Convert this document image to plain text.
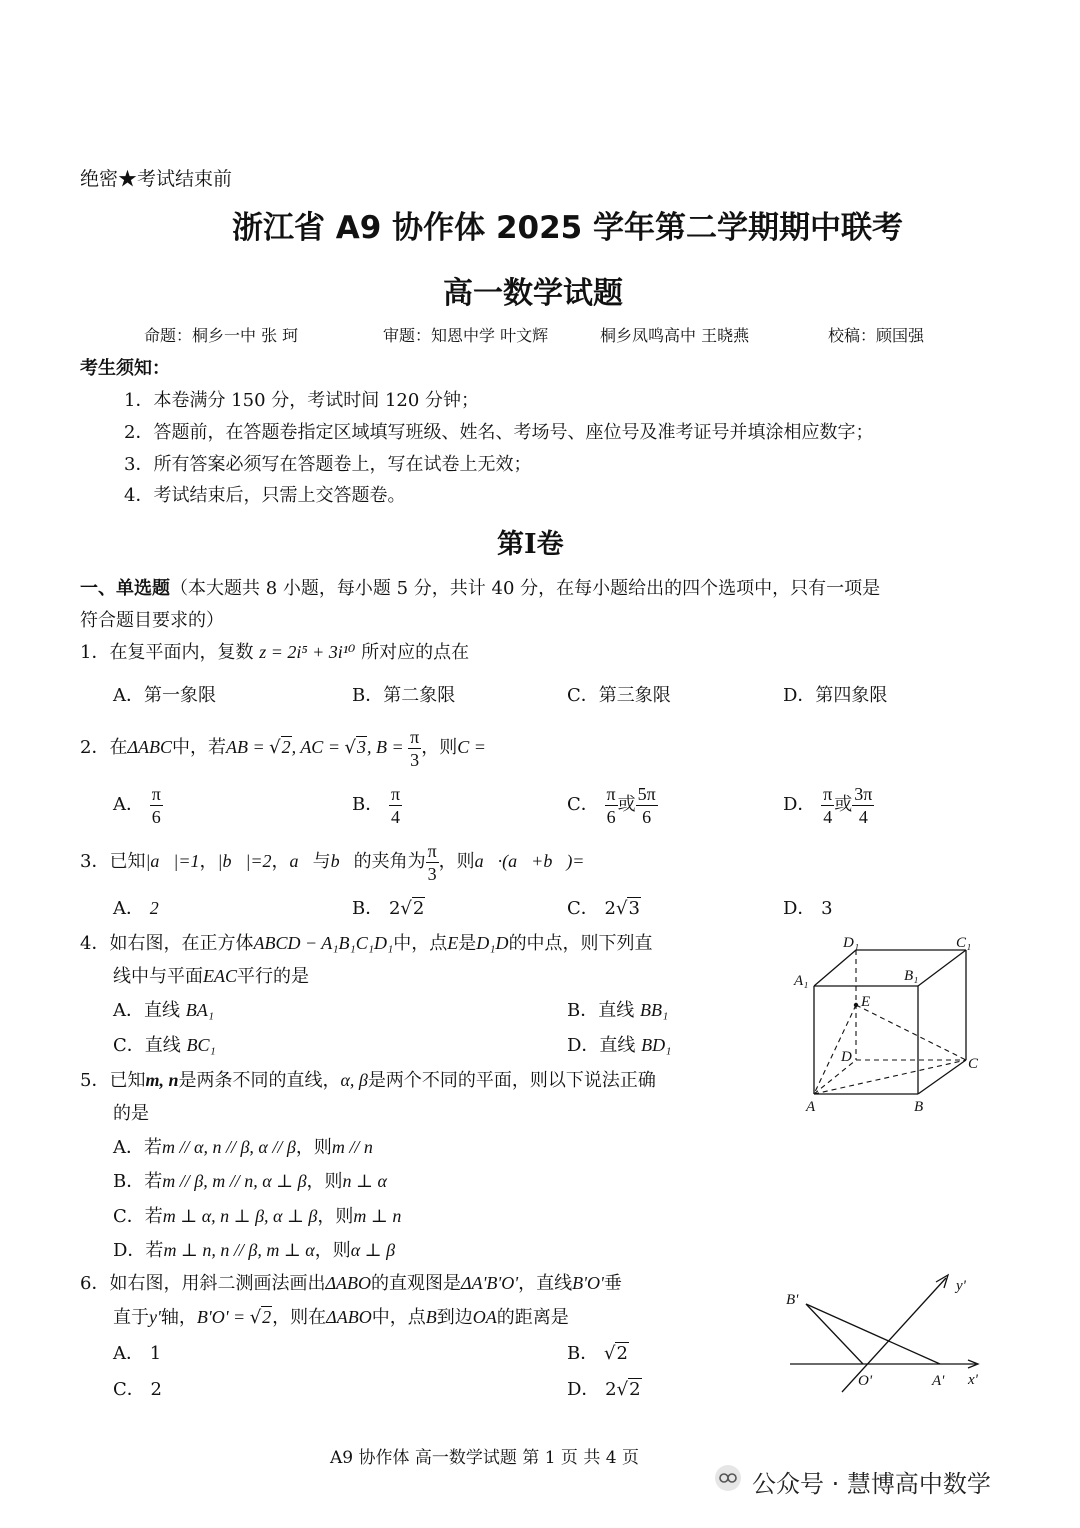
绝密★考试结束前
浙江省 A9 协作体 2025 学年第二学期期中联考
高一数学试题
命题：桐乡一中 张 珂	审题：知恩中学 叶文辉	桐乡凤鸣高中 王晓燕	校稿：顾国强
考生须知：
1．本卷满分 150 分，考试时间 120 分钟；
2．答题前，在答题卷指定区域填写班级、姓名、考场号、座位号及准考证号并填涂相应数字；
3．所有答案必须写在答题卷上，写在试卷上无效；
4．考试结束后，只需上交答题卷。
第Ⅰ卷
一、单选题（本大题共 8 小题，每小题 5 分，共计 40 分，在每小题给出的四个选项中，只有一项是
符合题目要求的）
1．在复平面内，复数 z = 2i⁵ + 3i¹⁰ 所对应的点在
A．第一象限	B．第二象限	C．第三象限	D．第四象限
2．在ΔABC中，若AB = √2, AC = √3, $B = \frac{\pi}{3}$ ，则C =
A． $\frac{\pi}{6}$	B． $\frac{\pi}{4}$	C． $\frac{\pi}{6}$ 或 $\frac{5\pi}{6}$	D． $\frac{\pi}{4}$ 或 $\frac{3\pi}{4}$
3．已知|a⃗|=1，|b⃗|=2，a⃗与b⃗的夹角为 $\frac{\pi}{3}$ ，则a⃗·(a⃗+b⃗)=
A． 2	B． 2√2	C． 2√3	D． 3
4．如右图，在正方体ABCD − A₁B₁C₁D₁中，点E是D₁D的中点，则下列直
线中与平面EAC平行的是
A．直线 BA₁	B．直线 BB₁
C．直线 BC₁	D．直线 BD₁
D₁	C₁
A₁	B₁
E
D	C
A	B
5．已知m, n是两条不同的直线，α, β是两个不同的平面，则以下说法正确
的是
A．若m // α, n // β, α // β，则m // n
B．若m // β, m // n, α ⊥ β，则n ⊥ α
C．若m ⊥ α, n ⊥ β, α ⊥ β，则m ⊥ n
D．若m ⊥ n, n // β, m ⊥ α，则α ⊥ β
6．如右图，用斜二测画法画出ΔABO的直观图是ΔA'B'O'，直线B'O'垂
直于y'轴，B'O' = √2，则在ΔABO中，点B到边OA的距离是
A． 1	B． √2
C． 2	D． 2√2
y'
B'
O'	A' x'
A9 协作体 高一数学试题 第 1 页 共 4 页
公众号 · 慧博高中数学
